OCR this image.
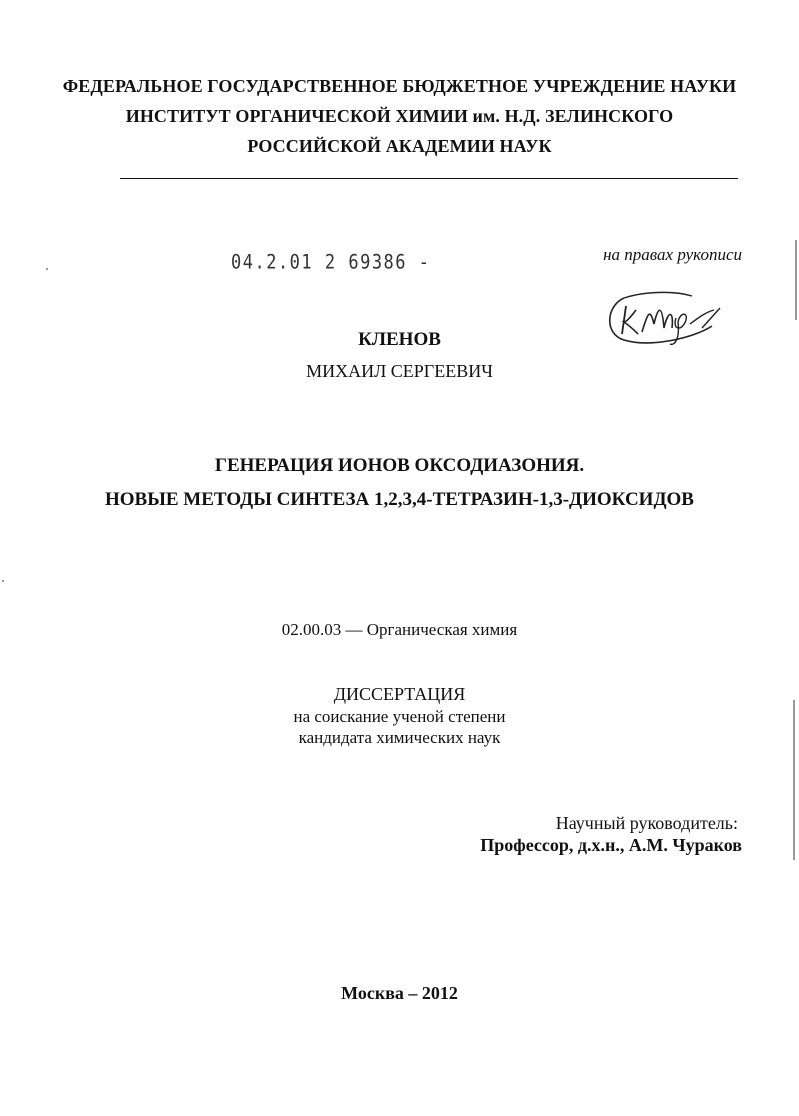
ФЕДЕРАЛЬНОЕ ГОСУДАРСТВЕННОЕ БЮДЖЕТНОЕ УЧРЕЖДЕНИЕ НАУКИ
ИНСТИТУТ ОРГАНИЧЕСКОЙ ХИМИИ им. Н.Д. ЗЕЛИНСКОГО
РОССИЙСКОЙ АКАДЕМИИ НАУК
04.2.01 2 69386 -	на правах рукописи
КЛЕНОВ
МИХАИЛ СЕРГЕЕВИЧ
ГЕНЕРАЦИЯ ИОНОВ ОКСОДИАЗОНИЯ.
НОВЫЕ МЕТОДЫ СИНТЕЗА 1,2,3,4-ТЕТРАЗИН-1,3-ДИОКСИДОВ
02.00.03 — Органическая химия
ДИССЕРТАЦИЯ
на соискание ученой степени
кандидата химических наук
Научный руководитель:
Профессор, д.х.н., А.М. Чураков
Москва – 2012
